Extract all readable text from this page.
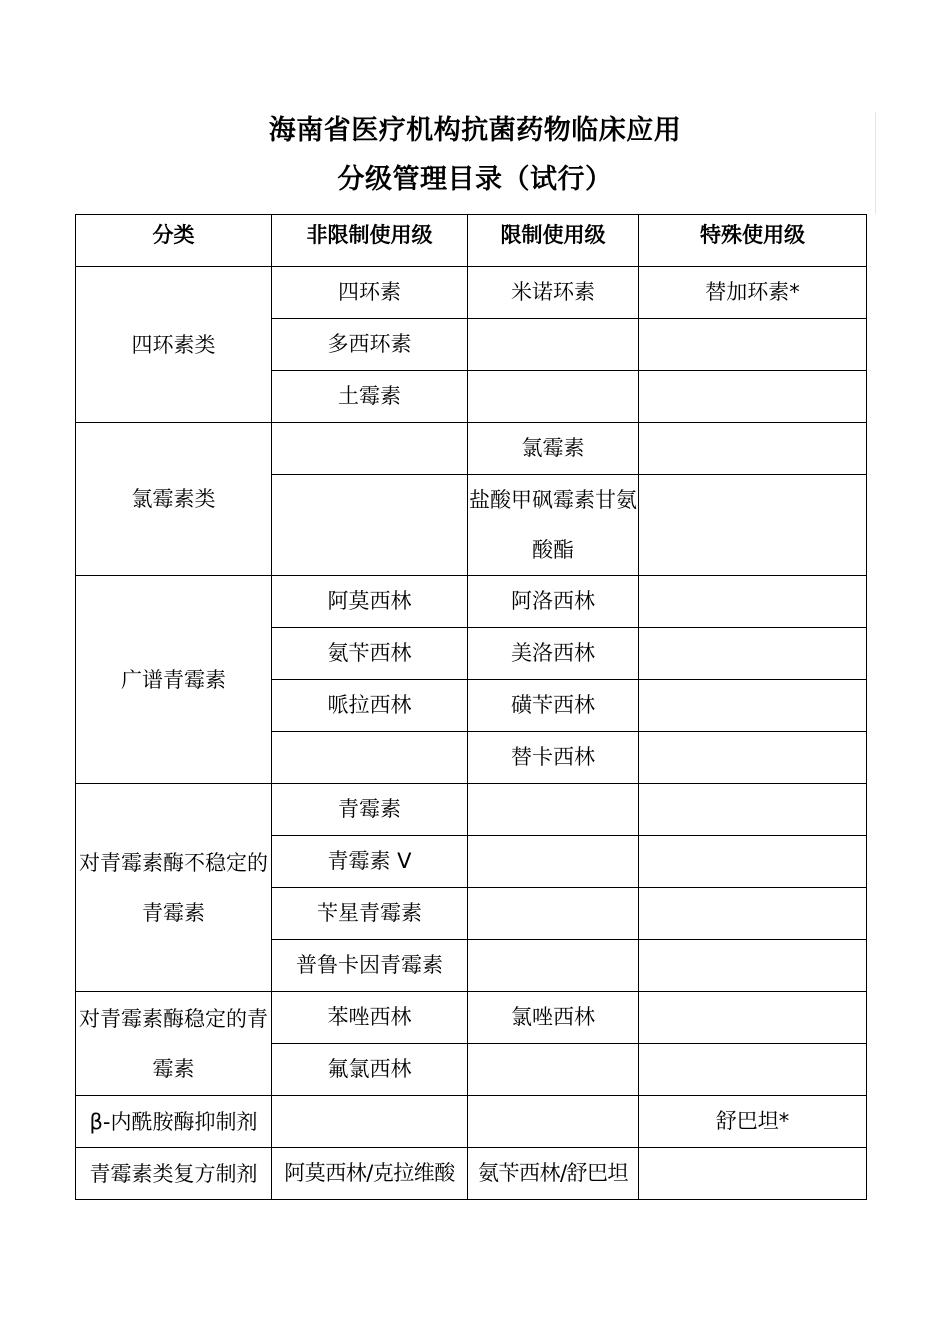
海南省医疗机构抗菌药物临床应用
分级管理目录（试行）
分类	非限制使用级	限制使用级	特殊使用级
四环素类	四环素	米诺环素	替加环素*
	多西环素		
	土霉素		
氯霉素类		氯霉素	
		盐酸甲砜霉素甘氨酸酯	
广谱青霉素	阿莫西林	阿洛西林	
	氨苄西林	美洛西林	
	哌拉西林	磺苄西林	
		替卡西林	
对青霉素酶不稳定的青霉素	青霉素		
	青霉素 V		
	苄星青霉素		
	普鲁卡因青霉素		
对青霉素酶稳定的青霉素	苯唑西林	氯唑西林	
	氟氯西林		
β-内酰胺酶抑制剂			舒巴坦*
青霉素类复方制剂	阿莫西林/克拉维酸	氨苄西林/舒巴坦	
